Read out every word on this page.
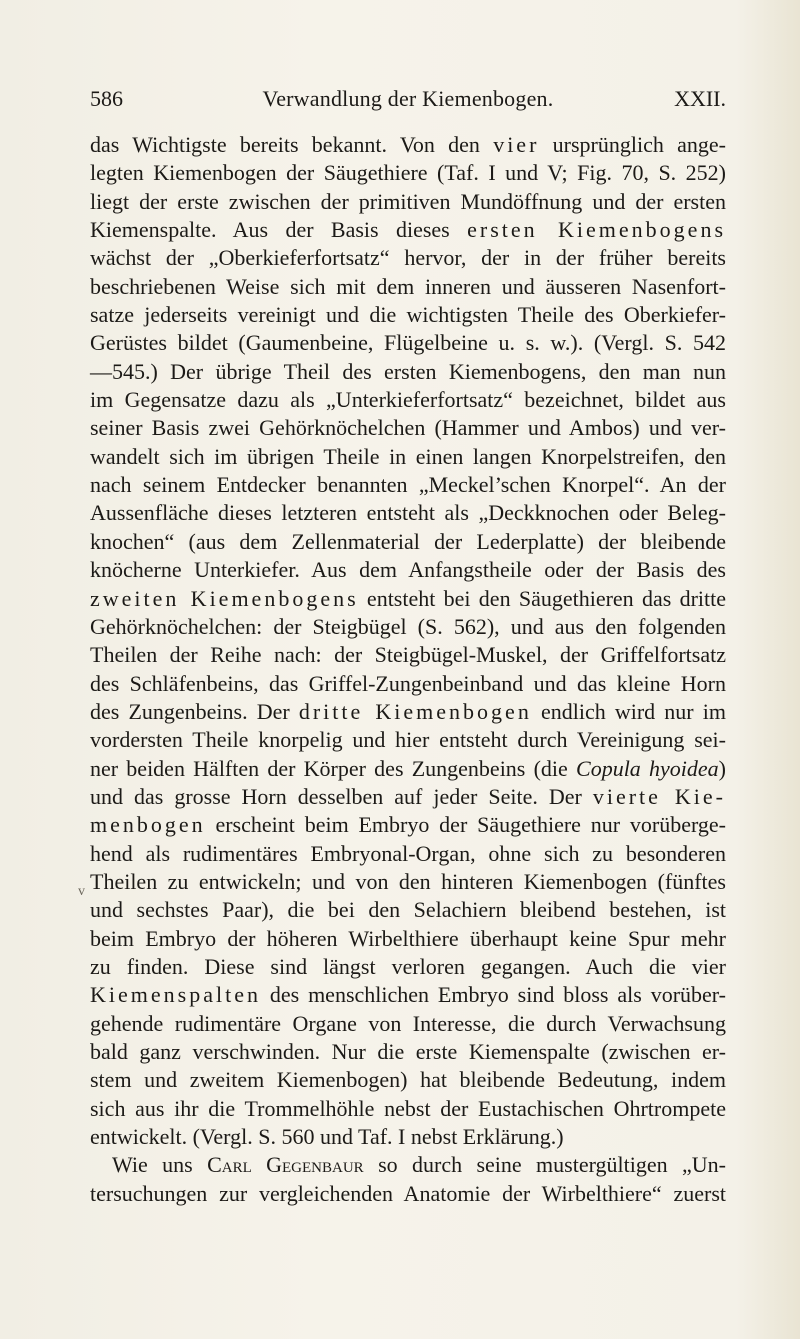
586	Verwandlung der Kiemenbogen.	XXII.
v
das Wichtigste bereits bekannt. Von den vier ursprünglich ange-
legten Kiemenbogen der Säugethiere (Taf. I und V; Fig. 70, S. 252)
liegt der erste zwischen der primitiven Mundöffnung und der ersten
Kiemenspalte. Aus der Basis dieses ersten Kiemenbogens
wächst der „Oberkieferfortsatz“ hervor, der in der früher bereits
beschriebenen Weise sich mit dem inneren und äusseren Nasenfort-
satze jederseits vereinigt und die wichtigsten Theile des Oberkiefer-
Gerüstes bildet (Gaumenbeine, Flügelbeine u. s. w.). (Vergl. S. 542
—545.) Der übrige Theil des ersten Kiemenbogens, den man nun
im Gegensatze dazu als „Unterkieferfortsatz“ bezeichnet, bildet aus
seiner Basis zwei Gehörknöchelchen (Hammer und Ambos) und ver-
wandelt sich im übrigen Theile in einen langen Knorpelstreifen, den
nach seinem Entdecker benannten „Meckel’schen Knorpel“. An der
Aussenfläche dieses letzteren entsteht als „Deckknochen oder Beleg-
knochen“ (aus dem Zellenmaterial der Lederplatte) der bleibende
knöcherne Unterkiefer. Aus dem Anfangstheile oder der Basis des
zweiten Kiemenbogens entsteht bei den Säugethieren das dritte
Gehörknöchelchen: der Steigbügel (S. 562), und aus den folgenden
Theilen der Reihe nach: der Steigbügel-Muskel, der Griffelfortsatz
des Schläfenbeins, das Griffel-Zungenbeinband und das kleine Horn
des Zungenbeins. Der dritte Kiemenbogen endlich wird nur im
vordersten Theile knorpelig und hier entsteht durch Vereinigung sei-
ner beiden Hälften der Körper des Zungenbeins (die Copula hyoidea)
und das grosse Horn desselben auf jeder Seite. Der vierte Kie-
menbogen erscheint beim Embryo der Säugethiere nur vorüberge-
hend als rudimentäres Embryonal-Organ, ohne sich zu besonderen
Theilen zu entwickeln; und von den hinteren Kiemenbogen (fünftes
und sechstes Paar), die bei den Selachiern bleibend bestehen, ist
beim Embryo der höheren Wirbelthiere überhaupt keine Spur mehr
zu finden. Diese sind längst verloren gegangen. Auch die vier
Kiemenspalten des menschlichen Embryo sind bloss als vorüber-
gehende rudimentäre Organe von Interesse, die durch Verwachsung
bald ganz verschwinden. Nur die erste Kiemenspalte (zwischen er-
stem und zweitem Kiemenbogen) hat bleibende Bedeutung, indem
sich aus ihr die Trommelhöhle nebst der Eustachischen Ohrtrompete
entwickelt. (Vergl. S. 560 und Taf. I nebst Erklärung.)
Wie uns Carl Gegenbaur so durch seine mustergültigen „Un-
tersuchungen zur vergleichenden Anatomie der Wirbelthiere“ zuerst
